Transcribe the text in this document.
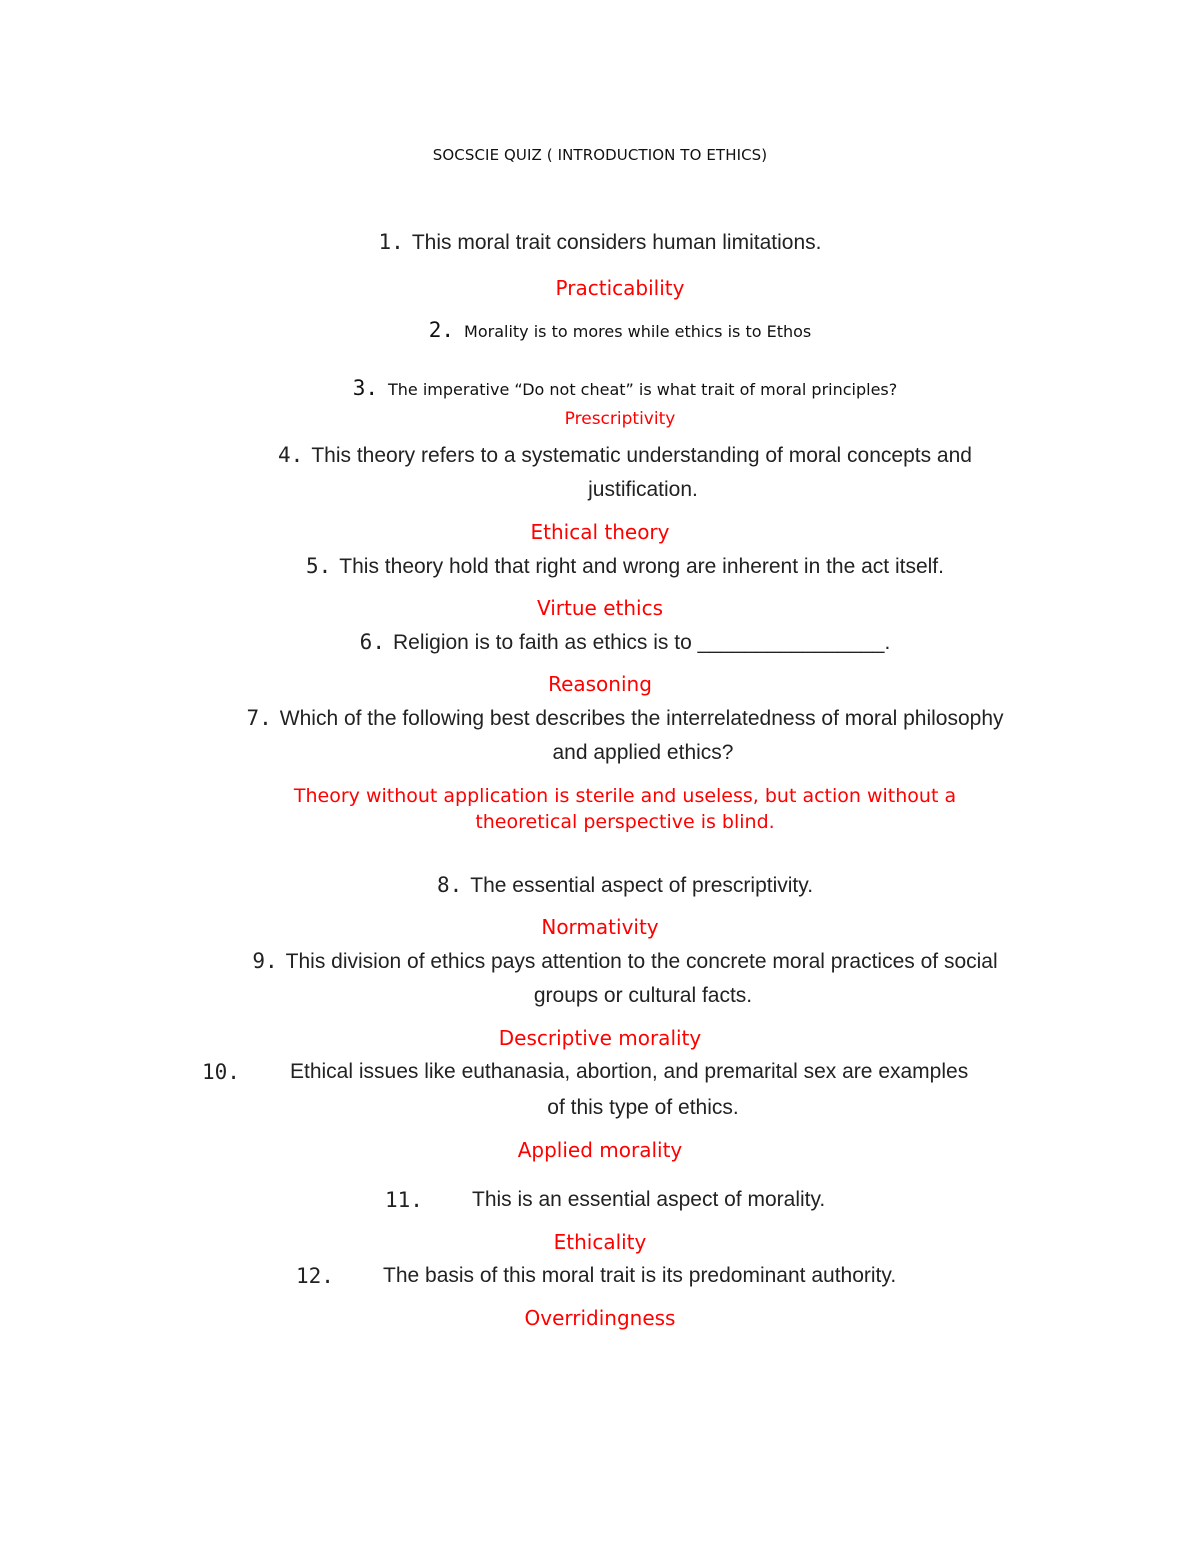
SOCSCIE QUIZ ( INTRODUCTION TO ETHICS)
1. This moral trait considers human limitations.
Practicability
2. Morality is to mores while ethics is to Ethos
3. The imperative “Do not cheat” is what trait of moral principles?
Prescriptivity
4. This theory refers to a systematic understanding of moral concepts and
justification.
Ethical theory
5. This theory hold that right and wrong are inherent in the act itself.
Virtue ethics
6. Religion is to faith as ethics is to ________________.
Reasoning
7. Which of the following best describes the interrelatedness of moral philosophy
and applied ethics?
Theory without application is sterile and useless, but action without a
theoretical perspective is blind.
8. The essential aspect of prescriptivity.
Normativity
9. This division of ethics pays attention to the concrete moral practices of social
groups or cultural facts.
Descriptive morality
10. Ethical issues like euthanasia, abortion, and premarital sex are examples
of this type of ethics.
Applied morality
11. This is an essential aspect of morality.
Ethicality
12. The basis of this moral trait is its predominant authority.
Overridingness
